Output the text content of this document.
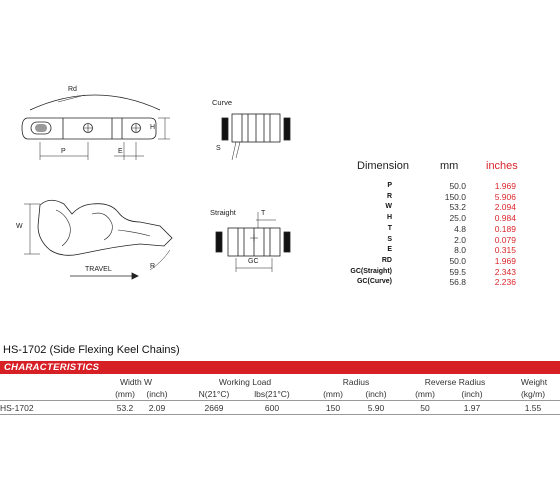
Rd
P	E
H
Curve
S
W
TRAVEL	R
Straight	T
GC
Dimension	mm	inches
P	50.0	1.969
R	150.0	5.906
W	53.2	2.094
H	25.0	0.984
T	4.8	0.189
S	2.0	0.079
E	8.0	0.315
RD	50.0	1.969
GC(Straight)	59.5	2.343
GC(Curve)	56.8	2.236
HS-1702 (Side Flexing Keel Chains)
CHARACTERISTICS
Width W	Working Load	Radius	Reverse Radius	Weight
(mm)	(inch)	N(21°C)	lbs(21°C)	(mm)	(inch)	(mm)	(inch)	(kg/m)
HS-1702	53.2	2.09	2669	600	150	5.90	50	1.97	1.55
